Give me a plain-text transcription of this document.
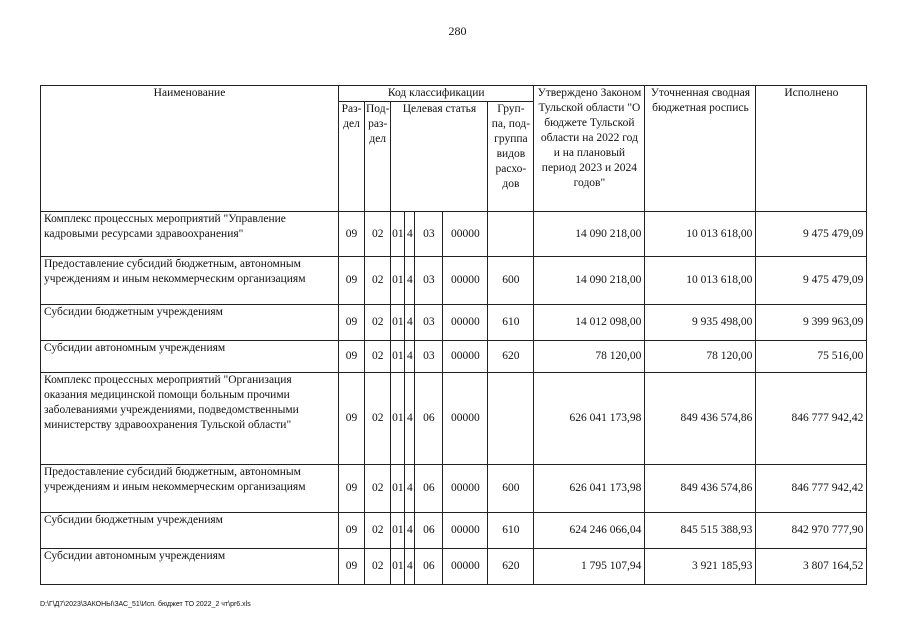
280
Наименование	Код классификации							Утверждено Законом Тульской области "О бюджете Тульской области на 2022 год и на плановый период 2023 и 2024 годов"	Уточненная сводная бюджетная роспись	Исполнено
	Раз- дел	Под- раз- дел	Целевая статья				Груп- па, под- группа видов расхо- дов			
Комплекс процессных мероприятий "Управление кадровыми ресурсами здравоохранения"	09	02	01	4	03	00000		14 090 218,00	10 013 618,00	9 475 479,09
Предоставление субсидий бюджетным, автономным учреждениям и иным некоммерческим организациям	09	02	01	4	03	00000	600	14 090 218,00	10 013 618,00	9 475 479,09
Субсидии бюджетным учреждениям	09	02	01	4	03	00000	610	14 012 098,00	9 935 498,00	9 399 963,09
Субсидии автономным учреждениям	09	02	01	4	03	00000	620	78 120,00	78 120,00	75 516,00
Комплекс процессных мероприятий "Организация оказания медицинской помощи больным прочими заболеваниями учреждениями, подведомственными министерству здравоохранения Тульской области"	09	02	01	4	06	00000		626 041 173,98	849 436 574,86	846 777 942,42
Предоставление субсидий бюджетным, автономным учреждениям и иным некоммерческим организациям	09	02	01	4	06	00000	600	626 041 173,98	849 436 574,86	846 777 942,42
Субсидии бюджетным учреждениям	09	02	01	4	06	00000	610	624 246 066,04	845 515 388,93	842 970 777,90
Субсидии автономным учреждениям	09	02	01	4	06	00000	620	1 795 107,94	3 921 185,93	3 807 164,52
D:\Г\Д7\2023\ЗАКОНЫ\ЗАС_51\Исп. бюджет ТО 2022_2 чт\pr6.xls
